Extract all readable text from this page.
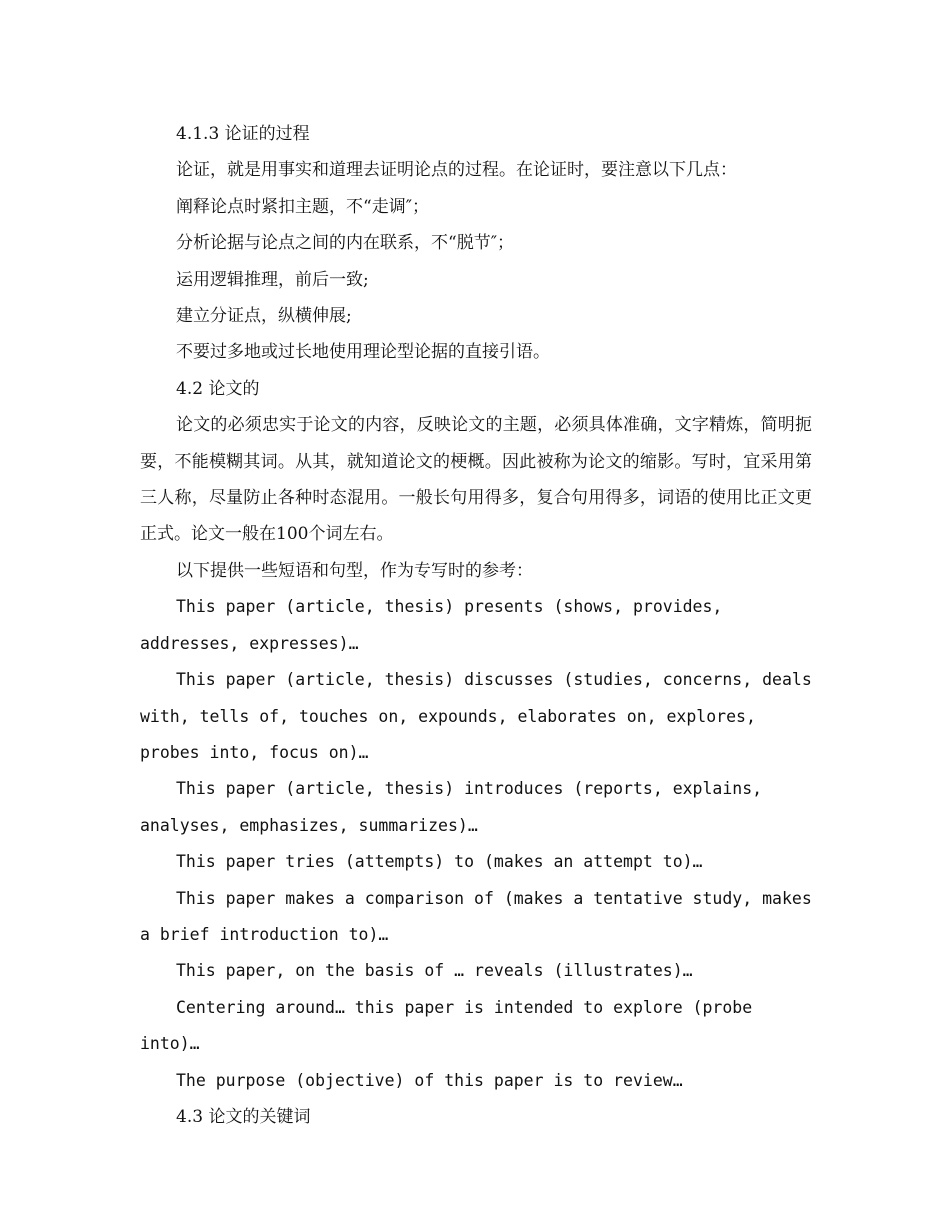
4.1.3 论证的过程

论证，就是用事实和道理去证明论点的过程。在论证时，要注意以下几点：

阐释论点时紧扣主题，不“走调″；

分析论据与论点之间的内在联系，不“脱节″；

运用逻辑推理，前后一致;

建立分证点，纵横伸展;

不要过多地或过长地使用理论型论据的直接引语。

4.2 论文的

论文的必须忠实于论文的内容，反映论文的主题，必须具体准确，文字精炼，简明扼要，不能模糊其词。从其，就知道论文的梗概。因此被称为论文的缩影。写时，宜采用第三人称，尽量防止各种时态混用。一般长句用得多，复合句用得多，词语的使用比正文更正式。论文一般在100个词左右。

以下提供一些短语和句型，作为专写时的参考：

This paper (article, thesis) presents (shows, provides, addresses, expresses)…

This paper (article, thesis) discusses (studies, concerns, deals with, tells of, touches on, expounds, elaborates on, explores, probes into, focus on)…

This paper (article, thesis) introduces (reports, explains, analyses, emphasizes, summarizes)…

This paper tries (attempts) to (makes an attempt to)…

This paper makes a comparison of (makes a tentative study, makes a brief introduction to)…

This paper, on the basis of … reveals (illustrates)…

Centering around… this paper is intended to explore (probe into)…

The purpose (objective) of this paper is to review…

4.3 论文的关键词
